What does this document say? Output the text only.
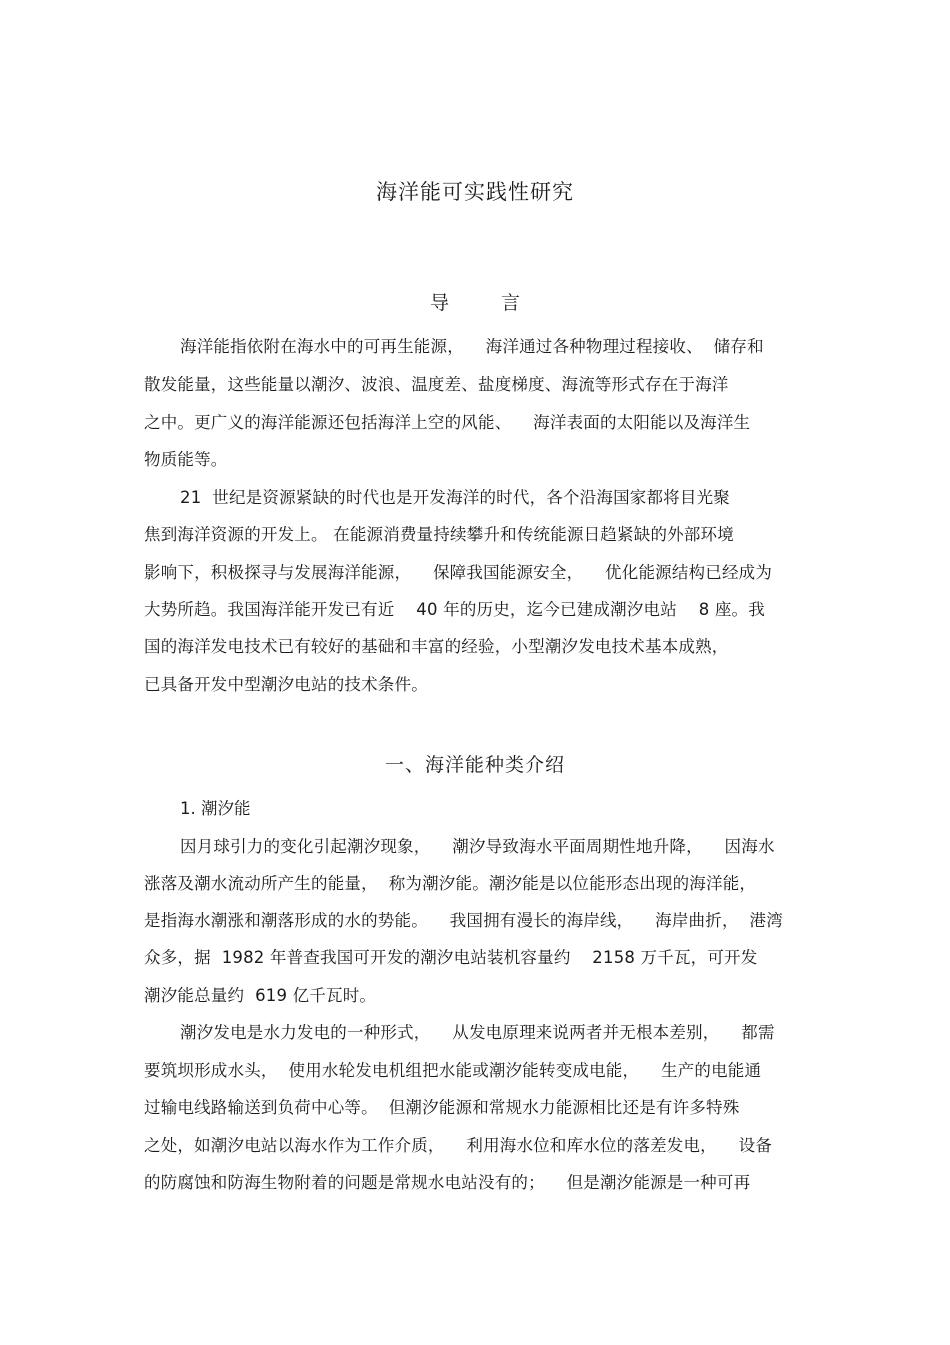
海洋能可实践性研究
导	言
海洋能指依附在海水中的可再生能源，    海洋通过各种物理过程接收、  储存和
散发能量，这些能量以潮汐、波浪、温度差、盐度梯度、海流等形式存在于海洋
之中。更广义的海洋能源还包括海洋上空的风能、    海洋表面的太阳能以及海洋生
物质能等。
21  世纪是资源紧缺的时代也是开发海洋的时代，各个沿海国家都将目光聚
焦到海洋资源的开发上。 在能源消费量持续攀升和传统能源日趋紧缺的外部环境
影响下，积极探寻与发展海洋能源，    保障我国能源安全，    优化能源结构已经成为
大势所趋。我国海洋能开发已有近    40 年的历史，迄今已建成潮汐电站    8 座。我
国的海洋发电技术已有较好的基础和丰富的经验，小型潮汐发电技术基本成熟，
已具备开发中型潮汐电站的技术条件。
一、海洋能种类介绍
1. 潮汐能
因月球引力的变化引起潮汐现象，    潮汐导致海水平面周期性地升降，    因海水
涨落及潮水流动所产生的能量，  称为潮汐能。潮汐能是以位能形态出现的海洋能，
是指海水潮涨和潮落形成的水的势能。    我国拥有漫长的海岸线，    海岸曲折，  港湾
众多，据  1982 年普查我国可开发的潮汐电站装机容量约    2158 万千瓦，可开发
潮汐能总量约  619 亿千瓦时。
潮汐发电是水力发电的一种形式，    从发电原理来说两者并无根本差别，    都需
要筑坝形成水头，  使用水轮发电机组把水能或潮汐能转变成电能，    生产的电能通
过输电线路输送到负荷中心等。  但潮汐能源和常规水力能源相比还是有许多特殊
之处，如潮汐电站以海水作为工作介质，    利用海水位和库水位的落差发电，    设备
的防腐蚀和防海生物附着的问题是常规水电站没有的；    但是潮汐能源是一种可再
